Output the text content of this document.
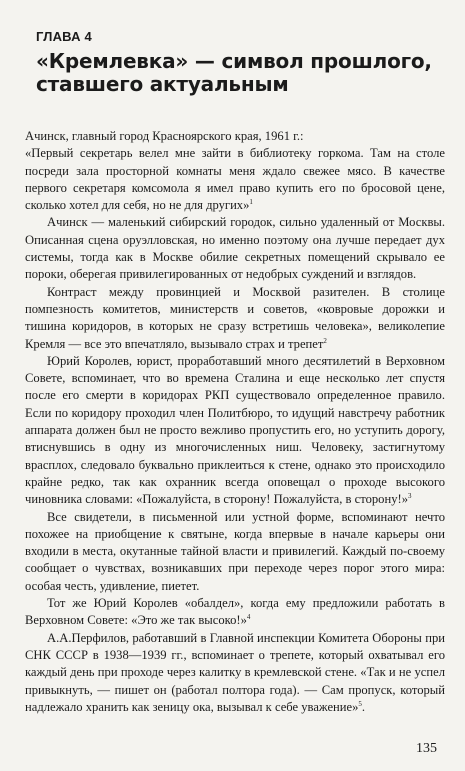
ГЛАВА 4
«Кремлевка» — символ прошлого, ставшего актуальным

Ачинск, главный город Красноярского края, 1961 г.:

«Первый секретарь велел мне зайти в библиотеку горкома. Там на столе посреди зала просторной комнаты меня ждало свежее мясо. В качестве первого секретаря комсомола я имел право купить его по бросовой цене, сколько хотел для себя, но не для других»$^1$

Ачинск — маленький сибирский городок, сильно удаленный от Москвы. Описанная сцена оруэлловская, но именно поэтому она лучше передает дух системы, тогда как в Москве обилие секретных помещений скрывало ее пороки, оберегая привилегированных от недобрых суждений и взглядов.

Контраст между провинцией и Москвой разителен. В столице помпезность комитетов, министерств и советов, «ковровые дорожки и тишина коридоров, в которых не сразу встретишь человека», великолепие Кремля — все это впечатляло, вызывало страх и трепет$^2$

Юрий Королев, юрист, проработавший много десятилетий в Верховном Совете, вспоминает, что во времена Сталина и еще несколько лет спустя после его смерти в коридорах РКП существовало определенное правило. Если по коридору проходил член Политбюро, то идущий навстречу работник аппарата должен был не просто вежливо пропустить его, но уступить дорогу, втиснувшись в одну из многочисленных ниш. Человеку, застигнутому врасплох, следовало буквально приклеиться к стене, однако это происходило крайне редко, так как охранник всегда оповещал о проходе высокого чиновника словами: «Пожалуйста, в сторону! Пожалуйста, в сторону!»$^3$

Все свидетели, в письменной или устной форме, вспоминают нечто похожее на приобщение к святыне, когда впервые в начале карьеры они входили в места, окутанные тайной власти и привилегий. Каждый по-своему сообщает о чувствах, возникавших при переходе через порог этого мира: особая честь, удивление, пиетет.

Тот же Юрий Королев «обалдел», когда ему предложили работать в Верховном Совете: «Это же так высоко!»$^4$

А.А.Перфилов, работавший в Главной инспекции Комитета Обороны при СНК СССР в 1938—1939 гг., вспоминает о трепете, который охватывал его каждый день при проходе через калитку в кремлевской стене. «Так и не успел привыкнуть, — пишет он (работал полтора года). — Сам пропуск, который надлежало хранить как зеницу ока, вызывал к себе уважение»$^5$.

135
